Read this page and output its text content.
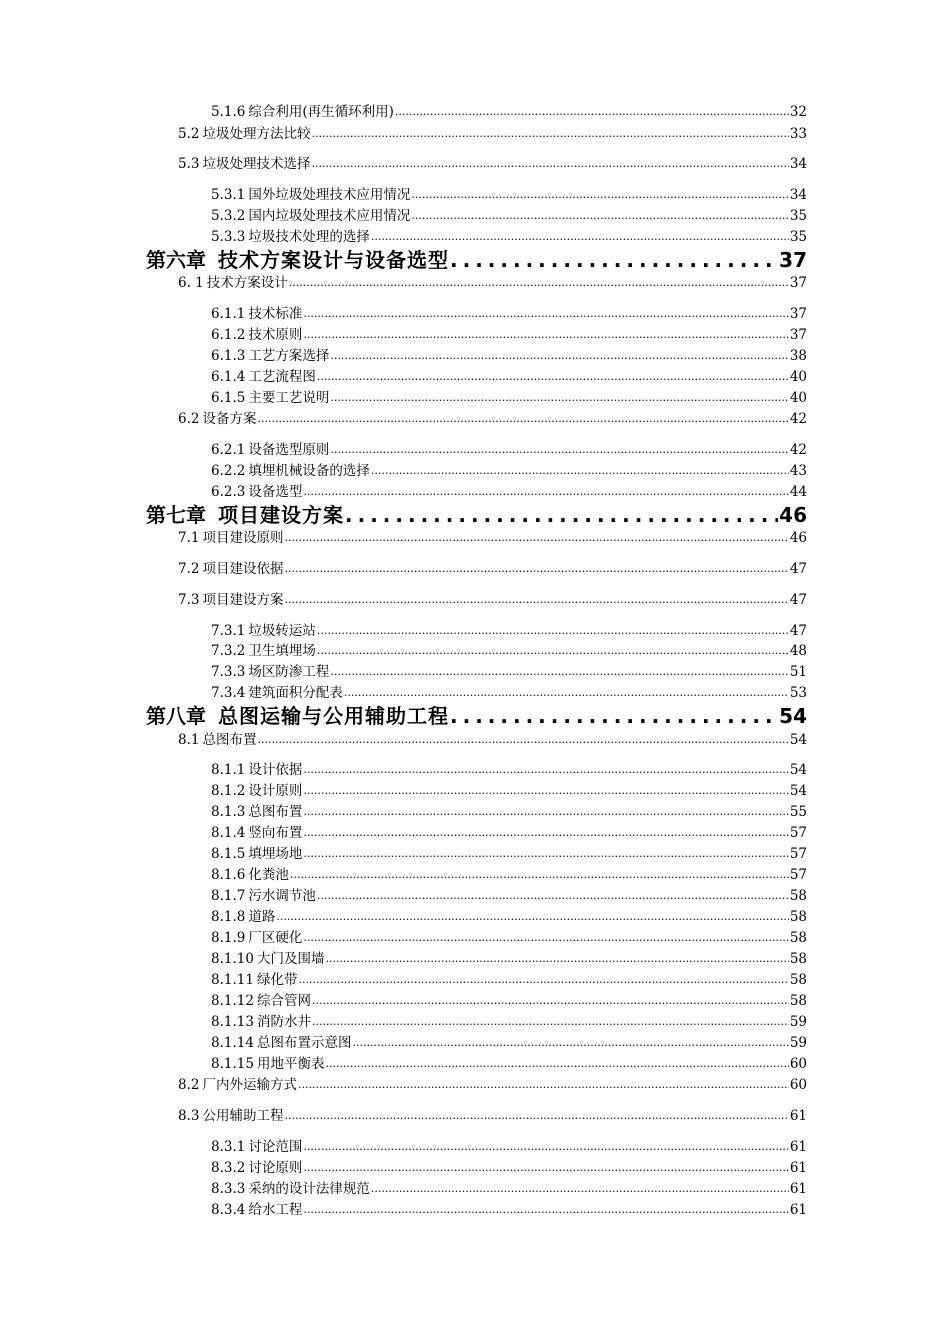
5.1.6 综合利用(再生循环利用) .....	32
5.2 垃圾处理方法比较 .....	33
5.3 垃圾处理技术选择 .....	34
5.3.1 国外垃圾处理技术应用情况 .....	34
5.3.2 国内垃圾处理技术应用情况 .....	35
5.3.3 垃圾技术处理的选择 .....	35
第六章 技术方案设计与设备选型 .....	37
6. 1 技术方案设计 .....	37
6.1.1 技术标准 .....	37
6.1.2 技术原则 .....	37
6.1.3 工艺方案选择 .....	38
6.1.4 工艺流程图 .....	40
6.1.5 主要工艺说明 .....	40
6.2 设备方案 .....	42
6.2.1 设备选型原则 .....	42
6.2.2 填埋机械设备的选择 .....	43
6.2.3 设备选型 .....	44
第七章 项目建设方案 .....	46
7.1 项目建设原则 .....	46
7.2 项目建设依据 .....	47
7.3 项目建设方案 .....	47
7.3.1 垃圾转运站 .....	47
7.3.2 卫生填埋场 .....	48
7.3.3 场区防渗工程 .....	51
7.3.4 建筑面积分配表 .....	53
第八章 总图运输与公用辅助工程 .....	54
8.1 总图布置 .....	54
8.1.1 设计依据 .....	54
8.1.2 设计原则 .....	54
8.1.3 总图布置 .....	55
8.1.4 竖向布置 .....	57
8.1.5 填埋场地 .....	57
8.1.6 化粪池 .....	57
8.1.7 污水调节池 .....	58
8.1.8 道路 .....	58
8.1.9 厂区硬化 .....	58
8.1.10 大门及围墙 .....	58
8.1.11 绿化带 .....	58
8.1.12 综合管网 .....	58
8.1.13 消防水井 .....	59
8.1.14 总图布置示意图 .....	59
8.1.15 用地平衡表 .....	60
8.2 厂内外运输方式 .....	60
8.3 公用辅助工程 .....	61
8.3.1 讨论范围 .....	61
8.3.2 讨论原则 .....	61
8.3.3 采纳的设计法律规范 .....	61
8.3.4 给水工程 .....	61
